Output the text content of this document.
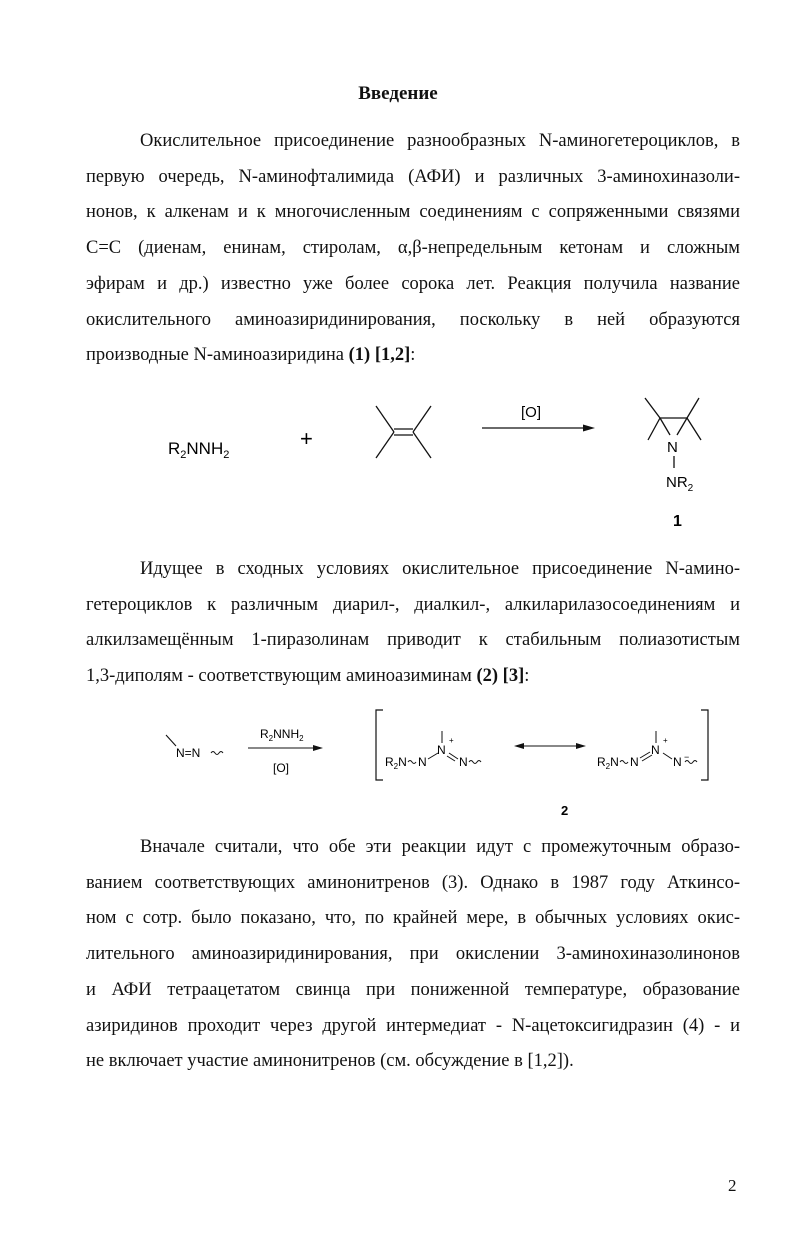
Введение
Окислительное присоединение разнообразных N-аминогетероциклов, в
первую очередь, N-аминофталимида (АФИ) и различных 3-аминохиназоли-
нонов, к алкенам и к многочисленным соединениям с сопряженными связями
C=C (диенам, енинам, стиролам, α,β-непредельным кетонам и сложным
эфирам и др.) известно уже более сорока лет. Реакция получила название
окислительного аминоазиридинирования, поскольку в ней образуются
производные N-аминоазиридина (1) [1,2]:
$R_2NNH_2$
+
[O]
N
$NR_2$
1
Идущее в сходных условиях окислительное присоединение N-амино-
гетероциклов к различным диарил-, диалкил-, алкиларилазосоединениям и
алкилзамещённым 1-пиразолинам приводит к стабильным полиазотистым
1,3-диполям - соответствующим аминоазиминам (2) [3]:
N=N
$R_2NNH_2$
[O]	$R_2N$ N
N
+
N	$R_2N$ N
N
+
N −
2
Вначале считали, что обе эти реакции идут с промежуточным образо-
ванием соответствующих аминонитренов (3). Однако в 1987 году Аткинсо-
ном с сотр. было показано, что, по крайней мере, в обычных условиях окис-
лительного аминоазиридинирования, при окислении 3-аминохиназолинонов
и АФИ тетраацетатом свинца при пониженной температуре, образование
азиридинов проходит через другой интермедиат - N-ацетоксигидразин (4) - и
не включает участие аминонитренов (см. обсуждение в [1,2]).
2
